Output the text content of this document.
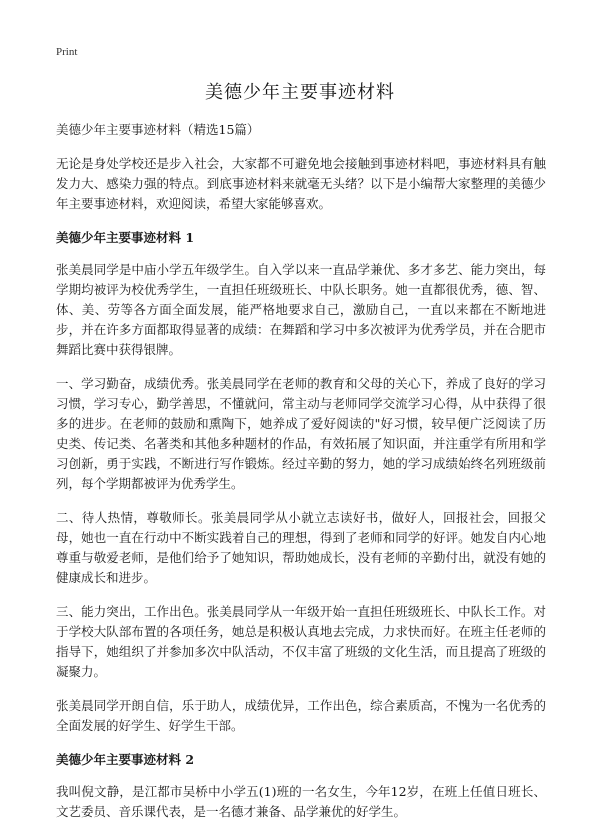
Print
美德少年主要事迹材料

美德少年主要事迹材料（精选15篇）

无论是身处学校还是步入社会，大家都不可避免地会接触到事迹材料吧，事迹材料具有触发力大、感染力强的特点。到底事迹材料来就毫无头绪？以下是小编帮大家整理的美德少年主要事迹材料，欢迎阅读，希望大家能够喜欢。

美德少年主要事迹材料 1

张美晨同学是中庙小学五年级学生。自入学以来一直品学兼优、多才多艺、能力突出，每学期均被评为校优秀学生，一直担任班级班长、中队长职务。她一直都很优秀，德、智、体、美、劳等各方面全面发展，能严格地要求自己，激励自己，一直以来都在不断地进步，并在许多方面都取得显著的成绩：在舞蹈和学习中多次被评为优秀学员，并在合肥市舞蹈比赛中获得银牌。

一、学习勤奋，成绩优秀。张美晨同学在老师的教育和父母的关心下，养成了良好的学习习惯，学习专心，勤学善思，不懂就问，常主动与老师同学交流学习心得，从中获得了很多的进步。在老师的鼓励和熏陶下，她养成了爱好阅读的"好习惯，较早便广泛阅读了历史类、传记类、名著类和其他多种题材的作品，有效拓展了知识面，并注重学有所用和学习创新，勇于实践，不断进行写作锻炼。经过辛勤的努力，她的学习成绩始终名列班级前列，每个学期都被评为优秀学生。

二、待人热情，尊敬师长。张美晨同学从小就立志读好书，做好人，回报社会，回报父母，她也一直在行动中不断实践着自己的理想，得到了老师和同学的好评。她发自内心地尊重与敬爱老师，是他们给予了她知识，帮助她成长，没有老师的辛勤付出，就没有她的健康成长和进步。

三、能力突出，工作出色。张美晨同学从一年级开始一直担任班级班长、中队长工作。对于学校大队部布置的各项任务，她总是积极认真地去完成，力求快而好。在班主任老师的指导下，她组织了并参加多次中队活动，不仅丰富了班级的文化生活，而且提高了班级的凝聚力。

张美晨同学开朗自信，乐于助人，成绩优异，工作出色，综合素质高，不愧为一名优秀的全面发展的好学生、好学生干部。

美德少年主要事迹材料 2

我叫倪文静，是江都市吴桥中小学五(1)班的一名女生，今年12岁，在班上任值日班长、文艺委员、音乐课代表，是一名德才兼备、品学兼优的好学生。
